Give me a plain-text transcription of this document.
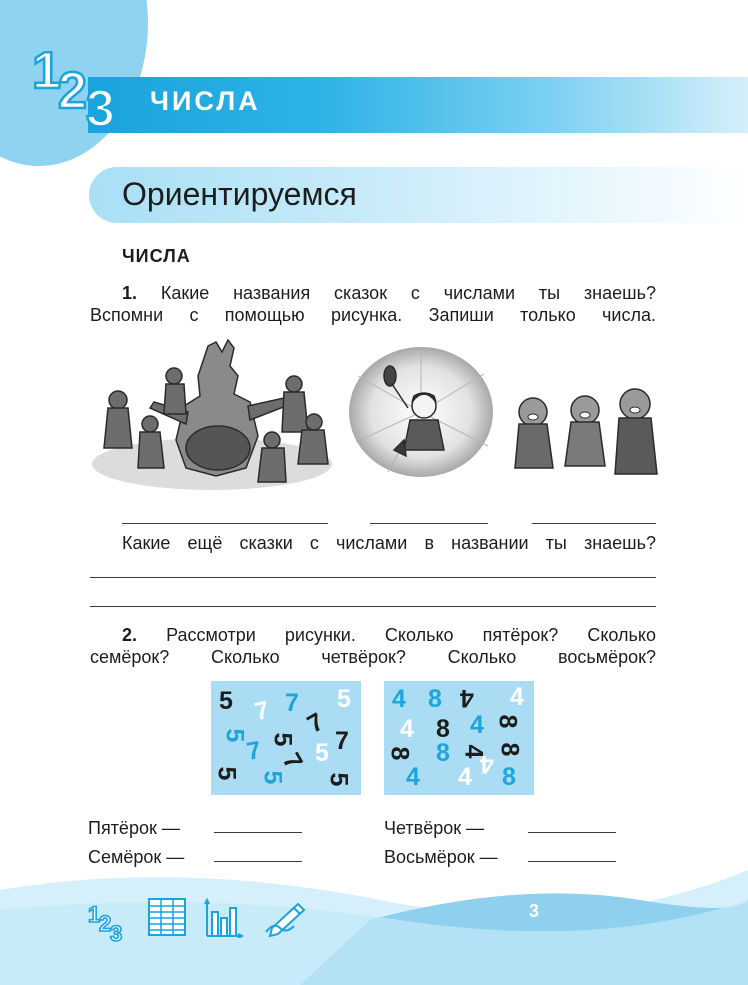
1
2 3 ЧИСЛА
Ориентируемся
ЧИСЛА
1. Какие названия сказок с числами ты знаешь?
Вспомни с помощью рисунка. Запиши только числа.
Какие ещё сказки с числами в названии ты знаешь?
2. Рассмотри рисунки. Сколько пятёрок? Сколько
семёрок? Сколько четвёрок? Сколько восьмёрок?
5 7
5
7
7
5
5
7	7
5
5 7
5 5
4 8 4 4
4 8 4 8
8 8 4 8
4 4 4 8
Пятёрок —
Семёрок —
Четвёрок —
Восьмёрок —
3
1
2
3
